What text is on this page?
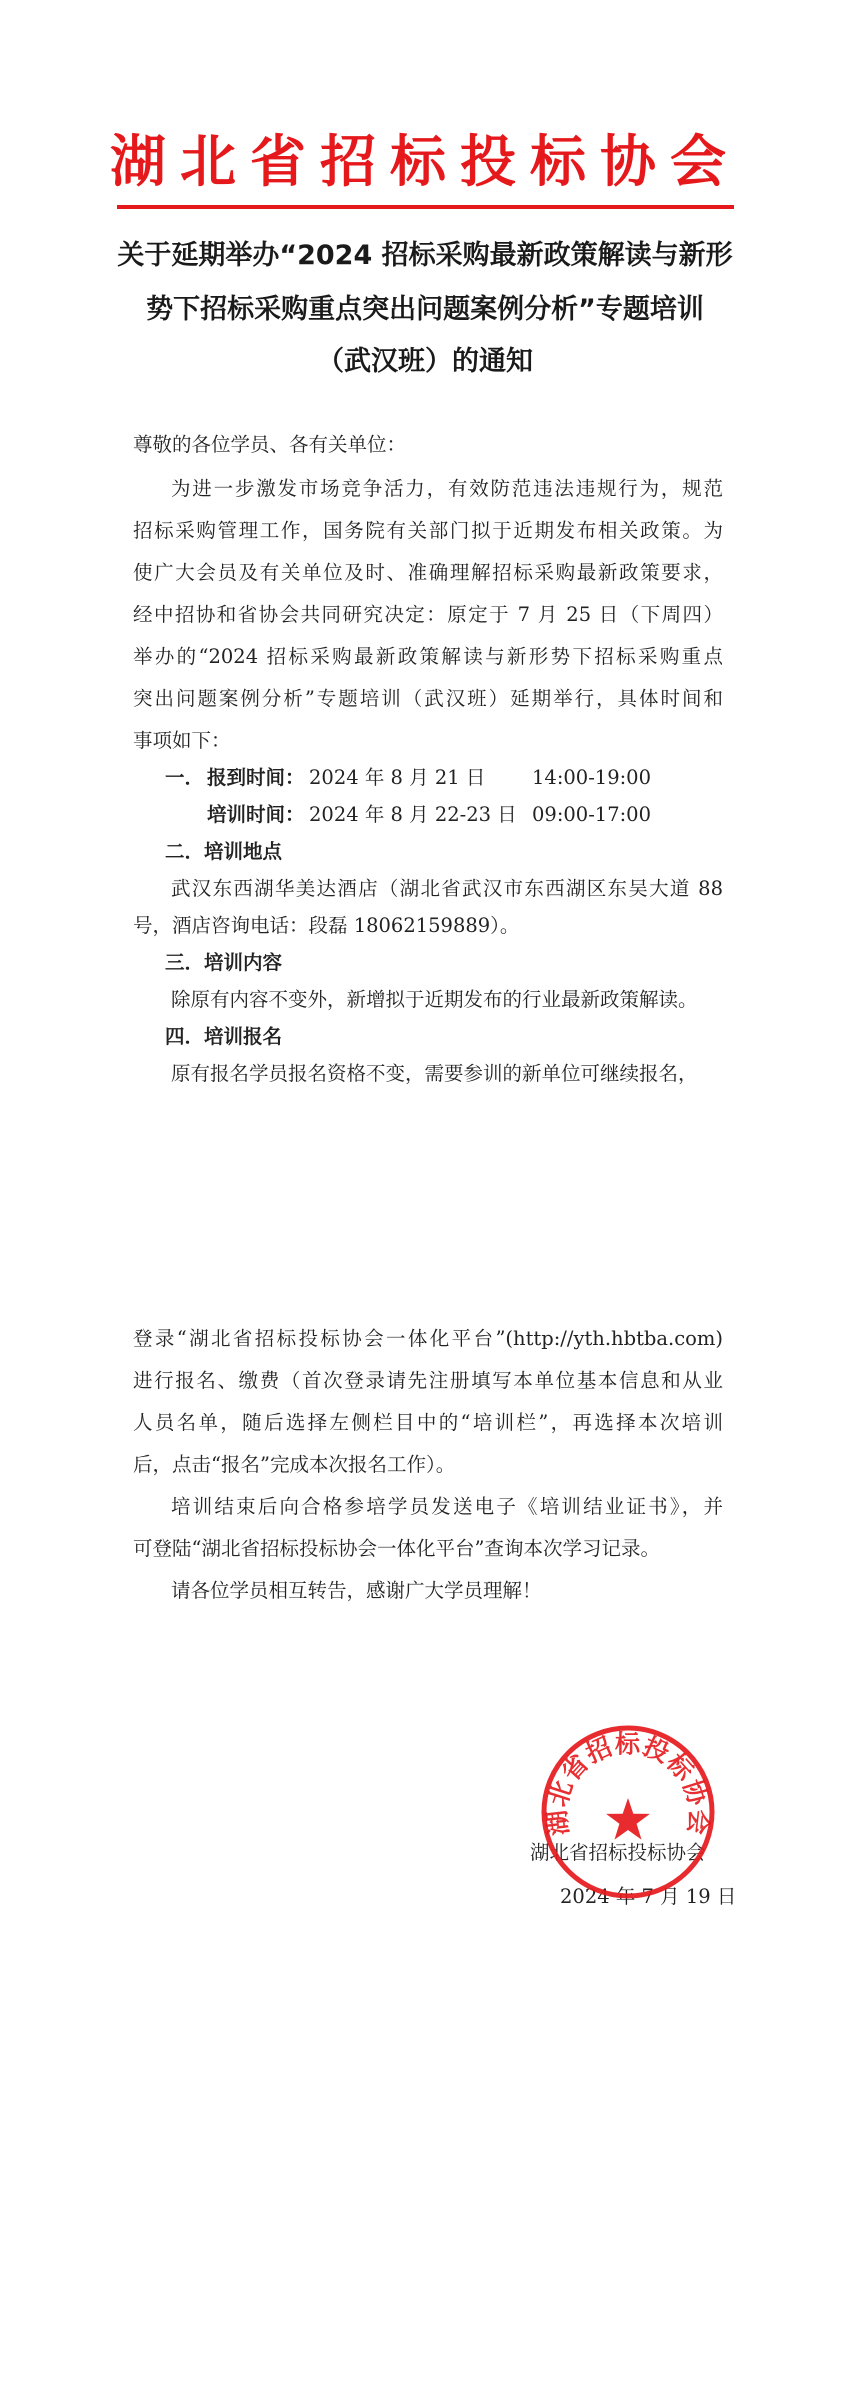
湖北省招标投标协会
关于延期举办“2024 招标采购最新政策解读与新形
势下招标采购重点突出问题案例分析”专题培训
（武汉班）的通知
尊敬的各位学员、各有关单位：
为进一步激发市场竞争活力，有效防范违法违规行为，规范
招标采购管理工作，国务院有关部门拟于近期发布相关政策。为
使广大会员及有关单位及时、准确理解招标采购最新政策要求，
经中招协和省协会共同研究决定：原定于 7 月 25 日（下周四）
举办的“2024 招标采购最新政策解读与新形势下招标采购重点
突出问题案例分析”专题培训（武汉班）延期举行，具体时间和
事项如下：
一． 报到时间： 2024 年 8 月 21 日 14:00-19:00
培训时间： 2024 年 8 月 22-23 日 09:00-17:00
二．培训地点
武汉东西湖华美达酒店（湖北省武汉市东西湖区东吴大道 88
号，酒店咨询电话：段磊 18062159889）。
三．培训内容
除原有内容不变外，新增拟于近期发布的行业最新政策解读。
四．培训报名
原有报名学员报名资格不变，需要参训的新单位可继续报名，
登录“湖北省招标投标协会一体化平台”(http://yth.hbtba.com)
进行报名、缴费（首次登录请先注册填写本单位基本信息和从业
人员名单，随后选择左侧栏目中的“培训栏”，再选择本次培训
后，点击“报名”完成本次报名工作）。
培训结束后向合格参培学员发送电子《培训结业证书》，并
可登陆“湖北省招标投标协会一体化平台”查询本次学习记录。
请各位学员相互转告，感谢广大学员理解！
湖北省招标投标协会
2024 年 7 月 19 日
湖北省招标投标协会
